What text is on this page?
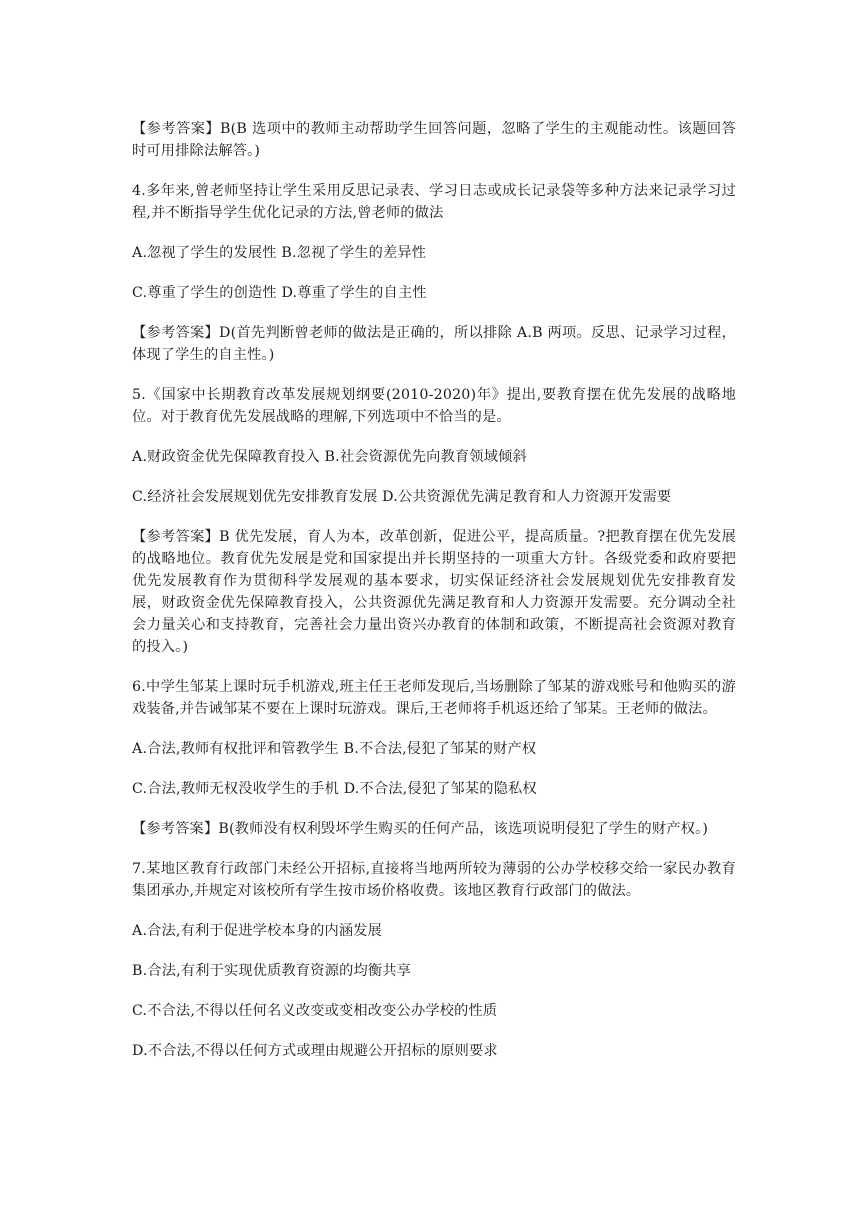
【参考答案】B(B 选项中的教师主动帮助学生回答问题，忽略了学生的主观能动性。该题回答时可用排除法解答。)

4.多年来,曾老师坚持让学生采用反思记录表、学习日志或成长记录袋等多种方法来记录学习过程,并不断指导学生优化记录的方法,曾老师的做法

A.忽视了学生的发展性 B.忽视了学生的差异性

C.尊重了学生的创造性 D.尊重了学生的自主性

【参考答案】D(首先判断曾老师的做法是正确的，所以排除 A.B 两项。反思、记录学习过程，体现了学生的自主性。)

5.《国家中长期教育改革发展规划纲要(2010-2020)年》提出,要教育摆在优先发展的战略地位。对于教育优先发展战略的理解,下列选项中不恰当的是。

A.财政资金优先保障教育投入 B.社会资源优先向教育领域倾斜

C.经济社会发展规划优先安排教育发展 D.公共资源优先满足教育和人力资源开发需要

【参考答案】B 优先发展，育人为本，改革创新，促进公平，提高质量。?把教育摆在优先发展的战略地位。教育优先发展是党和国家提出并长期坚持的一项重大方针。各级党委和政府要把优先发展教育作为贯彻科学发展观的基本要求，切实保证经济社会发展规划优先安排教育发展，财政资金优先保障教育投入，公共资源优先满足教育和人力资源开发需要。充分调动全社会力量关心和支持教育，完善社会力量出资兴办教育的体制和政策，不断提高社会资源对教育的投入。)

6.中学生邹某上课时玩手机游戏,班主任王老师发现后,当场删除了邹某的游戏账号和他购买的游戏装备,并告诫邹某不要在上课时玩游戏。课后,王老师将手机返还给了邹某。王老师的做法。

A.合法,教师有权批评和管教学生 B.不合法,侵犯了邹某的财产权

C.合法,教师无权没收学生的手机 D.不合法,侵犯了邹某的隐私权

【参考答案】B(教师没有权利毁坏学生购买的任何产品，该选项说明侵犯了学生的财产权。)

7.某地区教育行政部门未经公开招标,直接将当地两所较为薄弱的公办学校移交给一家民办教育集团承办,并规定对该校所有学生按市场价格收费。该地区教育行政部门的做法。

A.合法,有利于促进学校本身的内涵发展

B.合法,有利于实现优质教育资源的均衡共享

C.不合法,不得以任何名义改变或变相改变公办学校的性质

D.不合法,不得以任何方式或理由规避公开招标的原则要求
